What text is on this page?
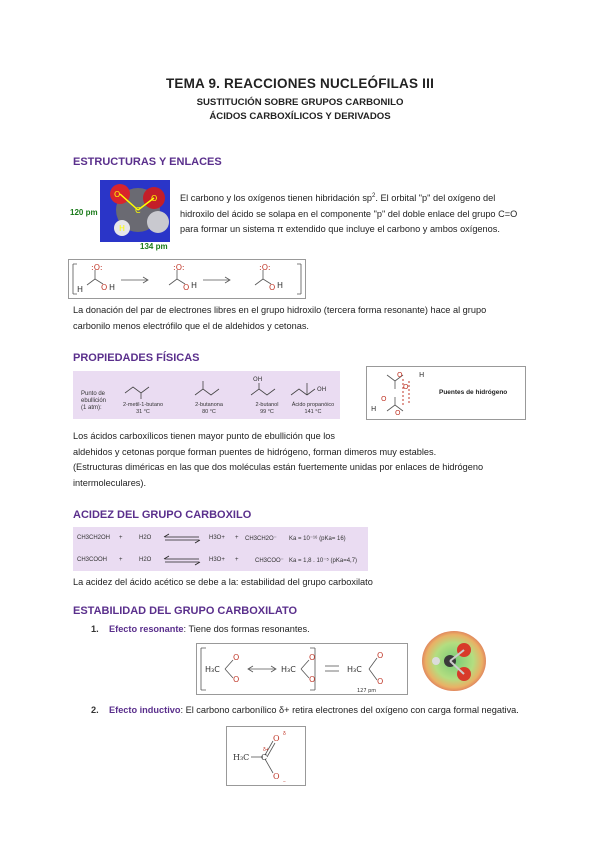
TEMA 9. REACCIONES NUCLEÓFILAS III
SUSTITUCIÓN SOBRE GRUPOS CARBONILO
ÁCIDOS CARBOXÍLICOS Y DERIVADOS
ESTRUCTURAS Y ENLACES
O
C
O
H
120 pm
134 pm
El carbono y los oxígenos tienen hibridación $sp^2$. El orbital "p" del oxígeno del
hidroxilo del ácido se solapa en el componente "p" del doble enlace del grupo C=O
para formar un sistema π extendido que incluye el carbono y ambos oxígenos.
:O:
O
:O:
O
:O:
O
H	H	H	H
La donación del par de electrones libres en el grupo hidroxilo (tercera forma resonante) hace al grupo
carbonilo menos electrófilo que el de aldehidos y cetonas.
PROPIEDADES FÍSICAS
Punto de
ebullición
(1 atm):
OH
OH
2-metil-1-butano
31 °C
2-butanona
80 °C
2-butanol
99 °C
Ácido propanóico
141 °C
O
O
O
O
H
H
Puentes de hidrógeno
Los ácidos carboxílicos tienen mayor punto de ebullición que los
aldehidos y cetonas porque forman puentes de hidrógeno, forman dimeros muy estables.
(Estructuras diméricas en las que dos moléculas están fuertemente unidas por enlaces de hidrógeno
intermoleculares).
ACIDEZ DEL GRUPO CARBOXILO
CH3CH2OH +	H2O	H3O+ + CH3CH2O⁻ Ka = 10⁻¹⁶ (pKa= 16)
CH3COOH +	H2O	H3O+ +	CH3COO⁻ Ka = 1,8 . 10⁻⁵ (pKa=4,7)
La acidez del ácido acético se debe a la: estabilidad del grupo carboxilato
ESTABILIDAD DEL GRUPO CARBOXILATO
1. Efecto resonante: Tiene dos formas resonantes.
H₃C	H₃C	H₃C
O
O
O
O
O
O
127 pm
2. Efecto inductivo: El carbono carbonílico δ+ retira electrones del oxígeno con carga formal negativa.
H₃C C
O
O
δ
−
δ+
